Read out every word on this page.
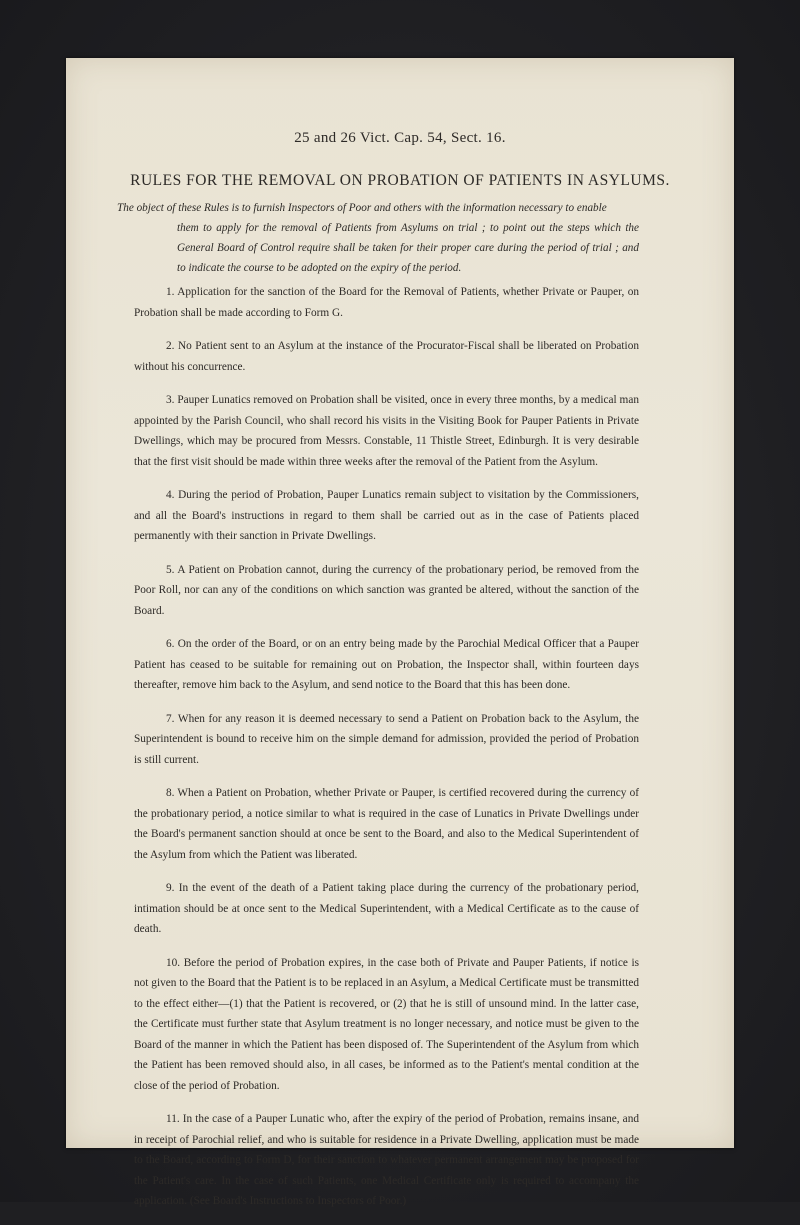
25 and 26 Vict. Cap. 54, Sect. 16.
RULES FOR THE REMOVAL ON PROBATION OF PATIENTS IN ASYLUMS.
The object of these Rules is to furnish Inspectors of Poor and others with the information necessary to enable
them to apply for the removal of Patients from Asylums on trial ; to point out the steps which the
General Board of Control require shall be taken for their proper care during the period of trial ; and
to indicate the course to be adopted on the expiry of the period.

1. Application for the sanction of the Board for the Removal of Patients, whether Private or Pauper, on Probation shall be made according to Form G.

2. No Patient sent to an Asylum at the instance of the Procurator-Fiscal shall be liberated on Probation without his concurrence.

3. Pauper Lunatics removed on Probation shall be visited, once in every three months, by a medical man appointed by the Parish Council, who shall record his visits in the Visiting Book for Pauper Patients in Private Dwellings, which may be procured from Messrs. Constable, 11 Thistle Street, Edinburgh. It is very desirable that the first visit should be made within three weeks after the removal of the Patient from the Asylum.

4. During the period of Probation, Pauper Lunatics remain subject to visitation by the Commissioners, and all the Board's instructions in regard to them shall be carried out as in the case of Patients placed permanently with their sanction in Private Dwellings.

5. A Patient on Probation cannot, during the currency of the probationary period, be removed from the Poor Roll, nor can any of the conditions on which sanction was granted be altered, without the sanction of the Board.

6. On the order of the Board, or on an entry being made by the Parochial Medical Officer that a Pauper Patient has ceased to be suitable for remaining out on Probation, the Inspector shall, within fourteen days thereafter, remove him back to the Asylum, and send notice to the Board that this has been done.

7. When for any reason it is deemed necessary to send a Patient on Probation back to the Asylum, the Superintendent is bound to receive him on the simple demand for admission, provided the period of Probation is still current.

8. When a Patient on Probation, whether Private or Pauper, is certified recovered during the currency of the probationary period, a notice similar to what is required in the case of Lunatics in Private Dwellings under the Board's permanent sanction should at once be sent to the Board, and also to the Medical Superintendent of the Asylum from which the Patient was liberated.

9. In the event of the death of a Patient taking place during the currency of the probationary period, intimation should be at once sent to the Medical Superintendent, with a Medical Certificate as to the cause of death.

10. Before the period of Probation expires, in the case both of Private and Pauper Patients, if notice is not given to the Board that the Patient is to be replaced in an Asylum, a Medical Certificate must be transmitted to the effect either—(1) that the Patient is recovered, or (2) that he is still of unsound mind. In the latter case, the Certificate must further state that Asylum treatment is no longer necessary, and notice must be given to the Board of the manner in which the Patient has been disposed of. The Superintendent of the Asylum from which the Patient has been removed should also, in all cases, be informed as to the Patient's mental condition at the close of the period of Probation.

11. In the case of a Pauper Lunatic who, after the expiry of the period of Probation, remains insane, and in receipt of Parochial relief, and who is suitable for residence in a Private Dwelling, application must be made to the Board, according to Form D, for their sanction to whatever permanent arrangement may be proposed for the Patient's care. In the case of such Patients, one Medical Certificate only is required to accompany the application. (See Board's Instructions to Inspectors of Poor.)
